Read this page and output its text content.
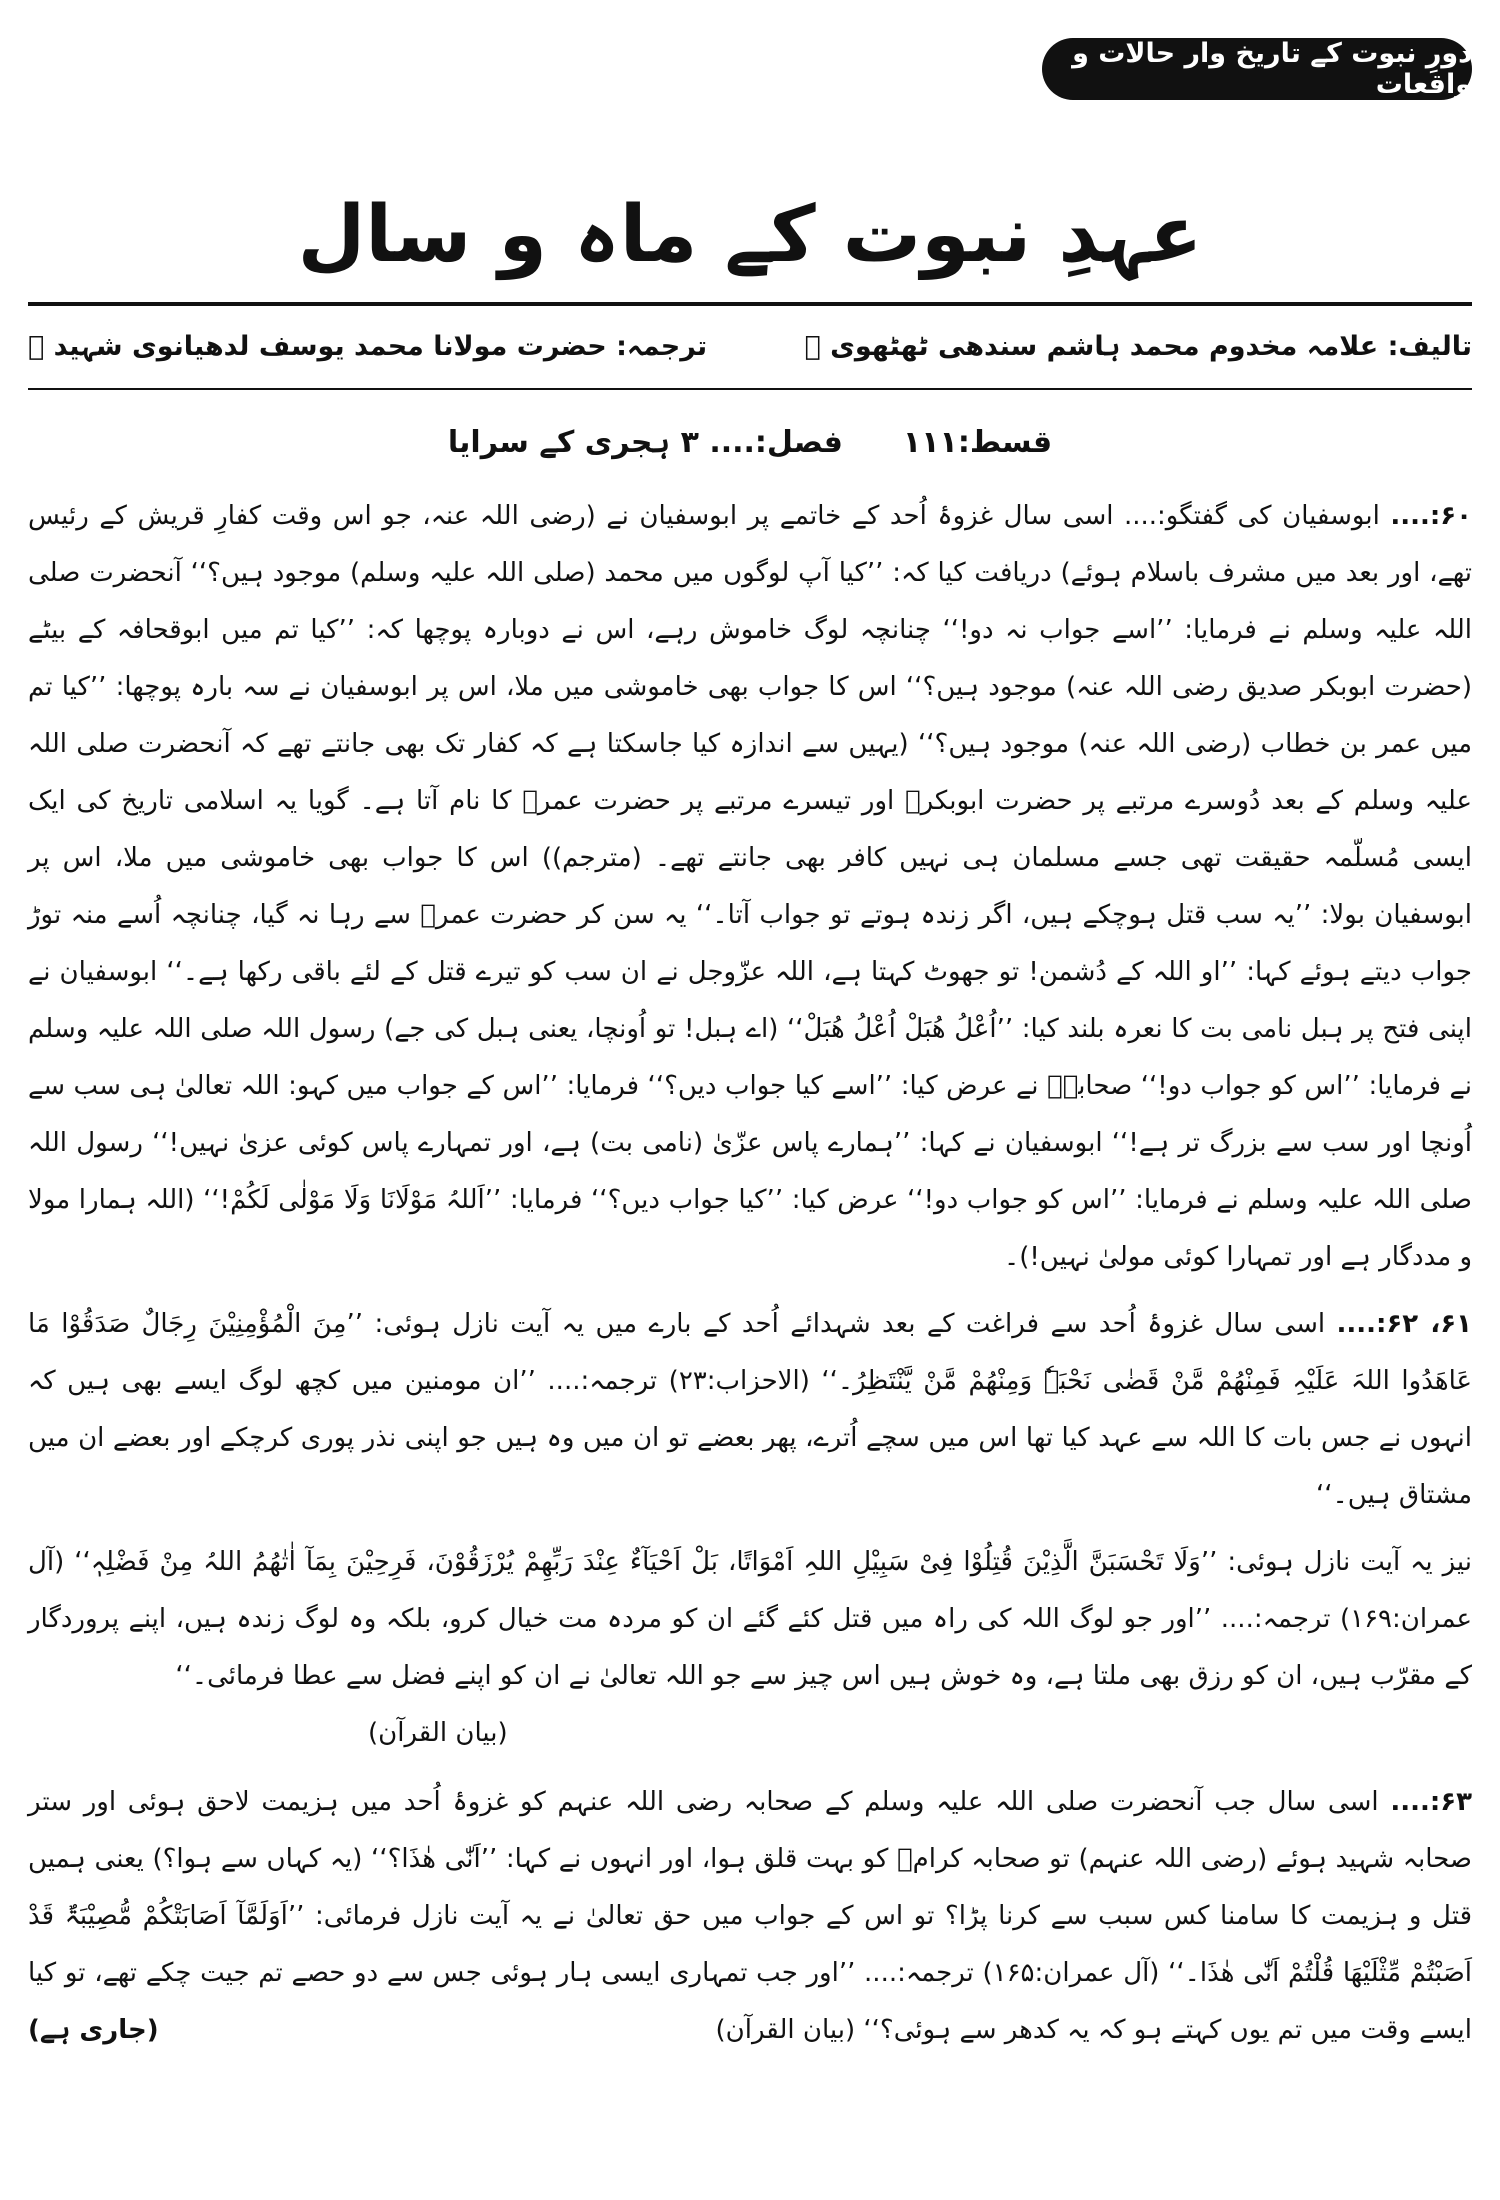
دورِ نبوت کے تاریخ وار حالات و واقعات
عہدِ نبوت کے ماہ و سال
تالیف: علامہ مخدوم محمد ہاشم سندھی ٹھٹھوی ﷫
ترجمہ: حضرت مولانا محمد یوسف لدھیانوی شہید ﷫
قسط:۱۱۱
فصل:.... ۳ ہجری کے سرایا

۶۰:.... ابوسفیان کی گفتگو:.... اسی سال غزوۂ اُحد کے خاتمے پر ابوسفیان نے (رضی اللہ عنہ، جو اس وقت کفارِ قریش کے رئیس تھے، اور بعد میں مشرف باسلام ہوئے) دریافت کیا کہ: ’’کیا آپ لوگوں میں محمد (صلی اللہ علیہ وسلم) موجود ہیں؟‘‘ آنحضرت صلی اللہ علیہ وسلم نے فرمایا: ’’اسے جواب نہ دو!‘‘ چنانچہ لوگ خاموش رہے، اس نے دوبارہ پوچھا کہ: ’’کیا تم میں ابوقحافہ کے بیٹے (حضرت ابوبکر صدیق رضی اللہ عنہ) موجود ہیں؟‘‘ اس کا جواب بھی خاموشی میں ملا، اس پر ابوسفیان نے سہ بارہ پوچھا: ’’کیا تم میں عمر بن خطاب (رضی اللہ عنہ) موجود ہیں؟‘‘ (یہیں سے اندازہ کیا جاسکتا ہے کہ کفار تک بھی جانتے تھے کہ آنحضرت صلی اللہ علیہ وسلم کے بعد دُوسرے مرتبے پر حضرت ابوبکرؓ اور تیسرے مرتبے پر حضرت عمرؓ کا نام آتا ہے۔ گویا یہ اسلامی تاریخ کی ایک ایسی مُسلّمہ حقیقت تھی جسے مسلمان ہی نہیں کافر بھی جانتے تھے۔ (مترجم)) اس کا جواب بھی خاموشی میں ملا، اس پر ابوسفیان بولا: ’’یہ سب قتل ہوچکے ہیں، اگر زندہ ہوتے تو جواب آتا۔‘‘ یہ سن کر حضرت عمرؓ سے رہا نہ گیا، چنانچہ اُسے منہ توڑ جواب دیتے ہوئے کہا: ’’او اللہ کے دُشمن! تو جھوٹ کہتا ہے، اللہ عزّوجل نے ان سب کو تیرے قتل کے لئے باقی رکھا ہے۔‘‘ ابوسفیان نے اپنی فتح پر ہبل نامی بت کا نعرہ بلند کیا: ’’اُعْلُ ھُبَلْ اُعْلُ ھُبَلْ‘‘ (اے ہبل! تو اُونچا، یعنی ہبل کی جے) رسول اللہ صلی اللہ علیہ وسلم نے فرمایا: ’’اس کو جواب دو!‘‘ صحابہؓ نے عرض کیا: ’’اسے کیا جواب دیں؟‘‘ فرمایا: ’’اس کے جواب میں کہو: اللہ تعالیٰ ہی سب سے اُونچا اور سب سے بزرگ تر ہے!‘‘ ابوسفیان نے کہا: ’’ہمارے پاس عزّیٰ (نامی بت) ہے، اور تمہارے پاس کوئی عزیٰ نہیں!‘‘ رسول اللہ صلی اللہ علیہ وسلم نے فرمایا: ’’اس کو جواب دو!‘‘ عرض کیا: ’’کیا جواب دیں؟‘‘ فرمایا: ’’اَللہُ مَوْلَانَا وَلَا مَوْلٰی لَکُمْ!‘‘ (اللہ ہمارا مولا و مددگار ہے اور تمہارا کوئی مولیٰ نہیں!)۔

۶۱، ۶۲:.... اسی سال غزوۂ اُحد سے فراغت کے بعد شہدائے اُحد کے بارے میں یہ آیت نازل ہوئی: ’’مِنَ الْمُؤْمِنِیْنَ رِجَالٌ صَدَقُوْا مَا عَاھَدُوا اللہَ عَلَیْہِ فَمِنْھُمْ مَّنْ قَضٰی نَحْبَہٗ وَمِنْھُمْ مَّنْ یَّنْتَظِرُ۔‘‘ (الاحزاب:۲۳) ترجمہ:.... ’’ان مومنین میں کچھ لوگ ایسے بھی ہیں کہ انہوں نے جس بات کا اللہ سے عہد کیا تھا اس میں سچے اُترے، پھر بعضے تو ان میں وہ ہیں جو اپنی نذر پوری کرچکے اور بعضے ان میں مشتاق ہیں۔‘‘

نیز یہ آیت نازل ہوئی: ’’وَلَا تَحْسَبَنَّ الَّذِیْنَ قُتِلُوْا فِیْ سَبِیْلِ اللہِ اَمْوَاتًا، بَلْ اَحْیَآءٌ عِنْدَ رَبِّھِمْ یُرْزَقُوْنَ، فَرِحِیْنَ بِمَآ اٰتٰھُمُ اللہُ مِنْ فَضْلِہٖ‘‘ (آل عمران:۱۶۹) ترجمہ:.... ’’اور جو لوگ اللہ کی راہ میں قتل کئے گئے ان کو مردہ مت خیال کرو، بلکہ وہ لوگ زندہ ہیں، اپنے پروردگار کے مقرّب ہیں، ان کو رزق بھی ملتا ہے، وہ خوش ہیں اس چیز سے جو اللہ تعالیٰ نے ان کو اپنے فضل سے عطا فرمائی۔‘‘
(بیان القرآن)

۶۳:.... اسی سال جب آنحضرت صلی اللہ علیہ وسلم کے صحابہ رضی اللہ عنہم کو غزوۂ اُحد میں ہزیمت لاحق ہوئی اور ستر صحابہ شہید ہوئے (رضی اللہ عنہم) تو صحابہ کرامؓ کو بہت قلق ہوا، اور انہوں نے کہا: ’’اَنّٰی ھٰذَا؟‘‘ (یہ کہاں سے ہوا؟) یعنی ہمیں قتل و ہزیمت کا سامنا کس سبب سے کرنا پڑا؟ تو اس کے جواب میں حق تعالیٰ نے یہ آیت نازل فرمائی: ’’اَوَلَمَّآ اَصَابَتْکُمْ مُّصِیْبَۃٌ قَدْ اَصَبْتُمْ مِّثْلَیْھَا قُلْتُمْ اَنّٰی ھٰذَا۔‘‘ (آل عمران:۱۶۵) ترجمہ:.... ’’اور جب تمہاری ایسی ہار ہوئی جس سے دو حصے تم جیت چکے تھے، تو کیا ایسے وقت میں تم یوں کہتے ہو کہ یہ کدھر سے ہوئی؟‘‘ (بیان القرآن)
(جاری ہے)
